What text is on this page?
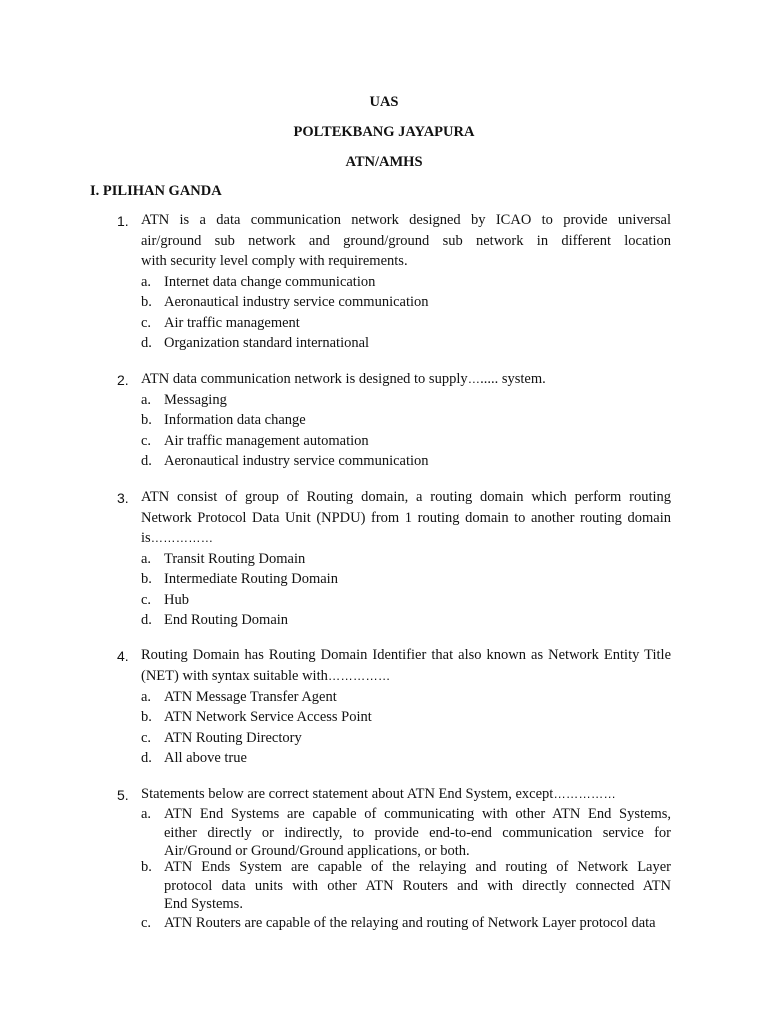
UAS
POLTEKBANG JAYAPURA
ATN/AMHS
I. PILIHAN GANDA
1. ATN is a data communication network designed by ICAO to provide universal
air/ground sub network and ground/ground sub network in different location
with security level comply with requirements.
a. Internet data change communication
b. Aeronautical industry service communication
c. Air traffic management
d. Organization standard international
2. ATN data communication network is designed to supply…..... system.
a. Messaging
b. Information data change
c. Air traffic management automation
d. Aeronautical industry service communication
3. ATN consist of group of Routing domain, a routing domain which perform routing
Network Protocol Data Unit (NPDU) from 1 routing domain to another routing domain
is……………
a. Transit Routing Domain
b. Intermediate Routing Domain
c. Hub
d. End Routing Domain
4. Routing Domain has Routing Domain Identifier that also known as Network Entity Title
(NET) with syntax suitable with……………
a. ATN Message Transfer Agent
b. ATN Network Service Access Point
c. ATN Routing Directory
d. All above true
5. Statements below are correct statement about ATN End System, except……………
a. ATN End Systems are capable of communicating with other ATN End Systems,
either directly or indirectly, to provide end-to-end communication service for
Air/Ground or Ground/Ground applications, or both.
b. ATN Ends System are capable of the relaying and routing of Network Layer
protocol data units with other ATN Routers and with directly connected ATN
End Systems.
c. ATN Routers are capable of the relaying and routing of Network Layer protocol data
